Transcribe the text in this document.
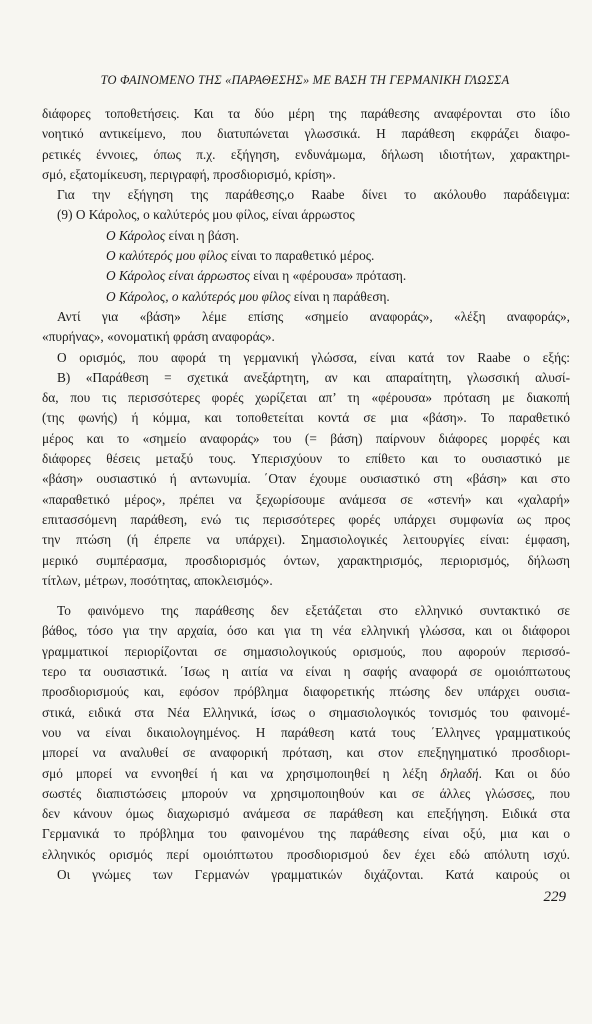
ΤΟ ΦΑΙΝΟΜΕΝΟ ΤΗΣ «ΠΑΡΑΘΕΣΗΣ» ΜΕ ΒΑΣΗ ΤΗ ΓΕΡΜΑΝΙΚΗ ΓΛΩΣΣΑ
διάφορες τοποθετήσεις. Και τα δύο μέρη της παράθεσης αναφέρονται στο ίδιο
νοητικό αντικείμενο, που διατυπώνεται γλωσσικά. Η παράθεση εκφράζει διαφο-
ρετικές έννοιες, όπως π.χ. εξήγηση, ενδυνάμωμα, δήλωση ιδιοτήτων, χαρακτηρι-
σμό, εξατομίκευση, περιγραφή, προσδιορισμό, κρίση».
Για την εξήγηση της παράθεσης,ο Raabe δίνει το ακόλουθο παράδειγμα:
(9) Ο Κάρολος, ο καλύτερός μου φίλος, είναι άρρωστος
Ο Κάρολος είναι η βάση.
Ο καλύτερός μου φίλος είναι το παραθετικό μέρος.
Ο Κάρολος είναι άρρωστος είναι η «φέρουσα» πρόταση.
Ο Κάρολος, ο καλύτερός μου φίλος είναι η παράθεση.
Αντί για «βάση» λέμε επίσης «σημείο αναφοράς», «λέξη αναφοράς»,
«πυρήνας», «ονοματική φράση αναφοράς».
Ο ορισμός, που αφορά τη γερμανική γλώσσα, είναι κατά τον Raabe ο εξής:
Β) «Παράθεση = σχετικά ανεξάρτητη, αν και απαραίτητη, γλωσσική αλυσί-
δα, που τις περισσότερες φορές χωρίζεται απ’ τη «φέρουσα» πρόταση με διακοπή
(της φωνής) ή κόμμα, και τοποθετείται κοντά σε μια «βάση». Το παραθετικό
μέρος και το «σημείο αναφοράς» του (= βάση) παίρνουν διάφορες μορφές και
διάφορες θέσεις μεταξύ τους. Υπερισχύουν το επίθετο και το ουσιαστικό με
«βάση» ουσιαστικό ή αντωνυμία. ΄Οταν έχουμε ουσιαστικό στη «βάση» και στο
«παραθετικό μέρος», πρέπει να ξεχωρίσουμε ανάμεσα σε «στενή» και «χαλαρή»
επιτασσόμενη παράθεση, ενώ τις περισσότερες φορές υπάρχει συμφωνία ως προς
την πτώση (ή έπρεπε να υπάρχει). Σημασιολογικές λειτουργίες είναι: έμφαση,
μερικό συμπέρασμα, προσδιορισμός όντων, χαρακτηρισμός, περιορισμός, δήλωση
τίτλων, μέτρων, ποσότητας, αποκλεισμός».
Το φαινόμενο της παράθεσης δεν εξετάζεται στο ελληνικό συντακτικό σε
βάθος, τόσο για την αρχαία, όσο και για τη νέα ελληνική γλώσσα, και οι διάφοροι
γραμματικοί περιορίζονται σε σημασιολογικούς ορισμούς, που αφορούν περισσό-
τερο τα ουσιαστικά. ΄Ισως η αιτία να είναι η σαφής αναφορά σε ομοιόπτωτους
προσδιορισμούς και, εφόσον πρόβλημα διαφορετικής πτώσης δεν υπάρχει ουσια-
στικά, ειδικά στα Νέα Ελληνικά, ίσως ο σημασιολογικός τονισμός του φαινομέ-
νου να είναι δικαιολογημένος. Η παράθεση κατά τους ΄Ελληνες γραμματικούς
μπορεί να αναλυθεί σε αναφορική πρόταση, και στον επεξηγηματικό προσδιορι-
σμό μπορεί να εννοηθεί ή και να χρησιμοποιηθεί η λέξη δηλαδή. Και οι δύο
σωστές διαπιστώσεις μπορούν να χρησιμοποιηθούν και σε άλλες γλώσσες, που
δεν κάνουν όμως διαχωρισμό ανάμεσα σε παράθεση και επεξήγηση. Ειδικά στα
Γερμανικά το πρόβλημα του φαινομένου της παράθεσης είναι οξύ, μια και ο
ελληνικός ορισμός περί ομοιόπτωτου προσδιορισμού δεν έχει εδώ απόλυτη ισχύ.
Οι γνώμες των Γερμανών γραμματικών διχάζονται. Κατά καιρούς οι
229
